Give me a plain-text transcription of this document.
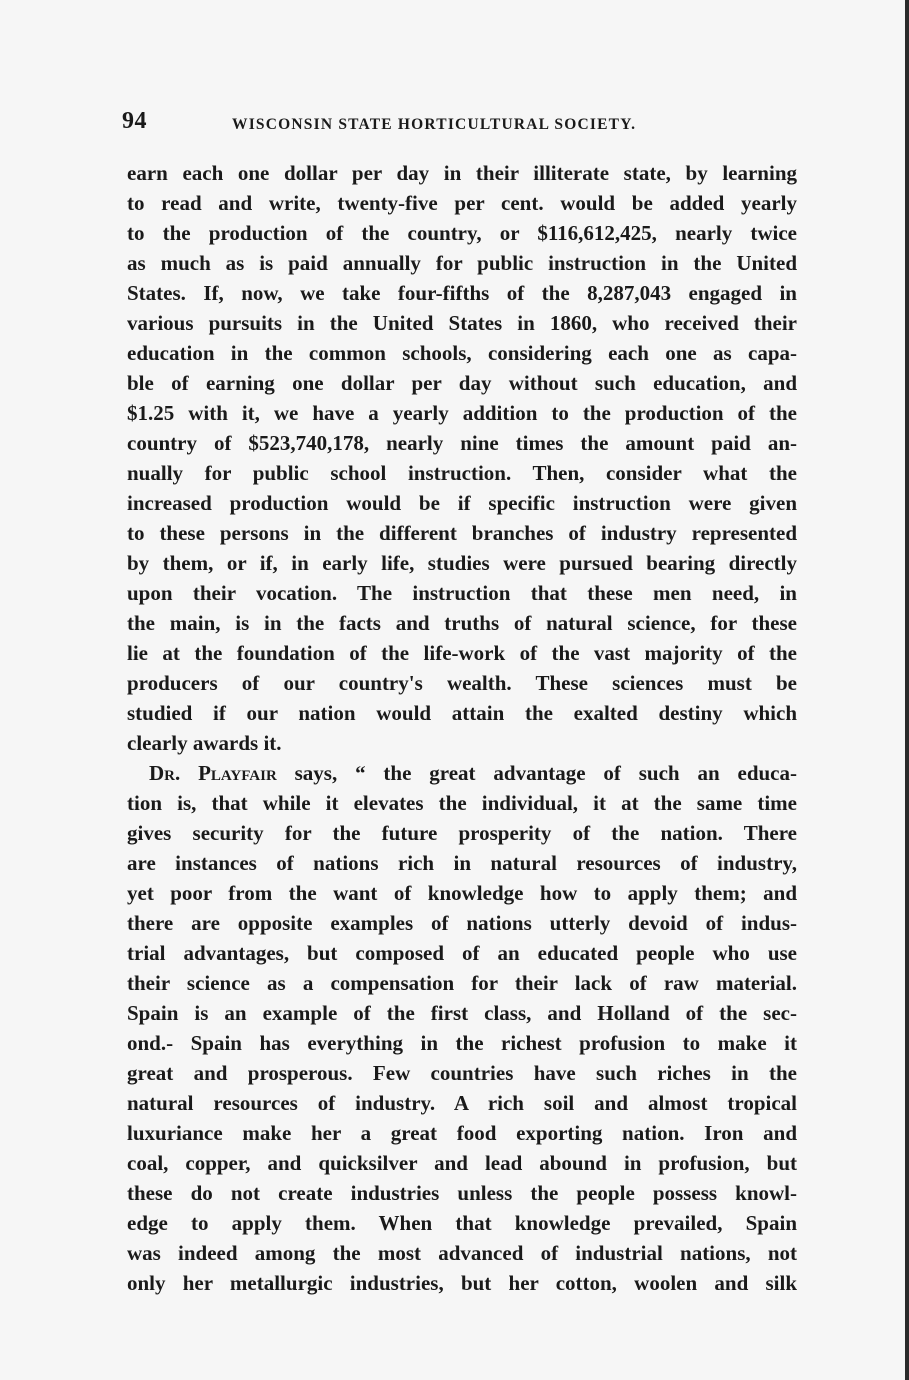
94	WISCONSIN STATE HORTICULTURAL SOCIETY.
earn each one dollar per day in their illiterate state, by learning
to read and write, twenty-five per cent. would be added yearly
to the production of the country, or $116,612,425, nearly twice
as much as is paid annually for public instruction in the United
States. If, now, we take four-fifths of the 8,287,043 engaged in
various pursuits in the United States in 1860, who received their
education in the common schools, considering each one as capa-
ble of earning one dollar per day without such education, and
$1.25 with it, we have a yearly addition to the production of the
country of $523,740,178, nearly nine times the amount paid an-
nually for public school instruction. Then, consider what the
increased production would be if specific instruction were given
to these persons in the different branches of industry represented
by them, or if, in early life, studies were pursued bearing directly
upon their vocation. The instruction that these men need, in
the main, is in the facts and truths of natural science, for these
lie at the foundation of the life-work of the vast majority of the
producers of our country's wealth. These sciences must be
studied if our nation would attain the exalted destiny which
clearly awards it.
Dr. Playfair says, “ the great advantage of such an educa-
tion is, that while it elevates the individual, it at the same time
gives security for the future prosperity of the nation. There
are instances of nations rich in natural resources of industry,
yet poor from the want of knowledge how to apply them; and
there are opposite examples of nations utterly devoid of indus-
trial advantages, but composed of an educated people who use
their science as a compensation for their lack of raw material.
Spain is an example of the first class, and Holland of the sec-
ond.- Spain has everything in the richest profusion to make it
great and prosperous. Few countries have such riches in the
natural resources of industry. A rich soil and almost tropical
luxuriance make her a great food exporting nation. Iron and
coal, copper, and quicksilver and lead abound in profusion, but
these do not create industries unless the people possess knowl-
edge to apply them. When that knowledge prevailed, Spain
was indeed among the most advanced of industrial nations, not
only her metallurgic industries, but her cotton, woolen and silk
